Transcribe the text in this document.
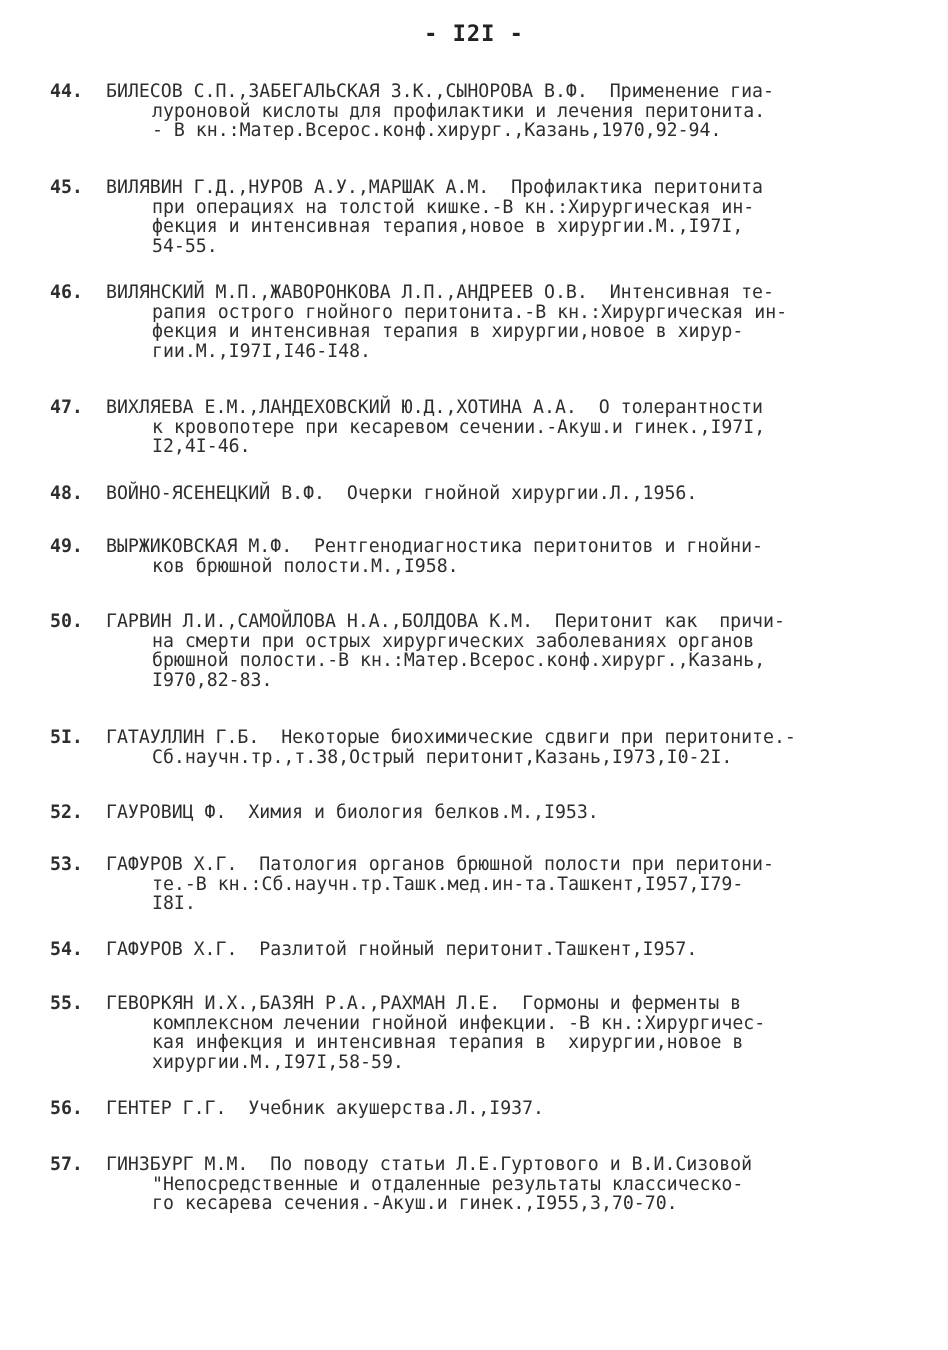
- I2I -
44. БИЛЕСОВ С.П.,ЗАБЕГАЛЬСКАЯ З.К.,СЫНОРОВА В.Ф.  Применение гиа-
луроновой кислоты для профилактики и лечения перитонита.
- В кн.:Матер.Всерос.конф.хирург.,Казань,1970,92-94.
45. ВИЛЯВИН Г.Д.,НУРОВ А.У.,МАРШАК А.М.  Профилактика перитонита
при операциях на толстой кишке.-В кн.:Хирургическая ин-
фекция и интенсивная терапия,новое в хирургии.М.,I97I,
54-55.
46. ВИЛЯНСКИЙ М.П.,ЖАВОРОНКОВА Л.П.,АНДРЕЕВ О.В.  Интенсивная те-
рапия острого гнойного перитонита.-В кн.:Хирургическая ин-
фекция и интенсивная терапия в хирургии,новое в хирур-
гии.М.,I97I,I46-I48.
47. ВИХЛЯЕВА Е.М.,ЛАНДЕХОВСКИЙ Ю.Д.,ХОТИНА А.А.  О толерантности
к кровопотере при кесаревом сечении.-Акуш.и гинек.,I97I,
I2,4I-46.
48. ВОЙНО-ЯСЕНЕЦКИЙ В.Ф.  Очерки гнойной хирургии.Л.,1956.
49. ВЫРЖИКОВСКАЯ М.Ф.  Рентгенодиагностика перитонитов и гнойни-
ков брюшной полости.М.,I958.
50. ГАРВИН Л.И.,САМОЙЛОВА Н.А.,БОЛДОВА К.М.  Перитонит как  причи-
на смерти при острых хирургических заболеваниях органов
брюшной полости.-В кн.:Матер.Всерос.конф.хирург.,Казань,
I970,82-83.
5I. ГАТАУЛЛИН Г.Б.  Некоторые биохимические сдвиги при перитоните.-
Сб.научн.тр.,т.38,Острый перитонит,Казань,I973,I0-2I.
52. ГАУРОВИЦ Ф.  Химия и биология белков.М.,I953.
53. ГАФУРОВ Х.Г.  Патология органов брюшной полости при перитони-
те.-В кн.:Сб.научн.тр.Ташк.мед.ин-та.Ташкент,I957,I79-
I8I.
54. ГАФУРОВ Х.Г.  Разлитой гнойный перитонит.Ташкент,I957.
55. ГЕВОРКЯН И.Х.,БАЗЯН Р.А.,РАХМАН Л.Е.  Гормоны и ферменты в
комплексном лечении гнойной инфекции. -В кн.:Хирургичес-
кая инфекция и интенсивная терапия в  хирургии,новое в
хирургии.М.,I97I,58-59.
56. ГЕНТЕР Г.Г.  Учебник акушерства.Л.,I937.
57. ГИНЗБУРГ М.М.  По поводу статьи Л.Е.Гуртового и В.И.Сизовой
"Непосредственные и отдаленные результаты классическо-
го кесарева сечения.-Акуш.и гинек.,I955,3,70-70.
